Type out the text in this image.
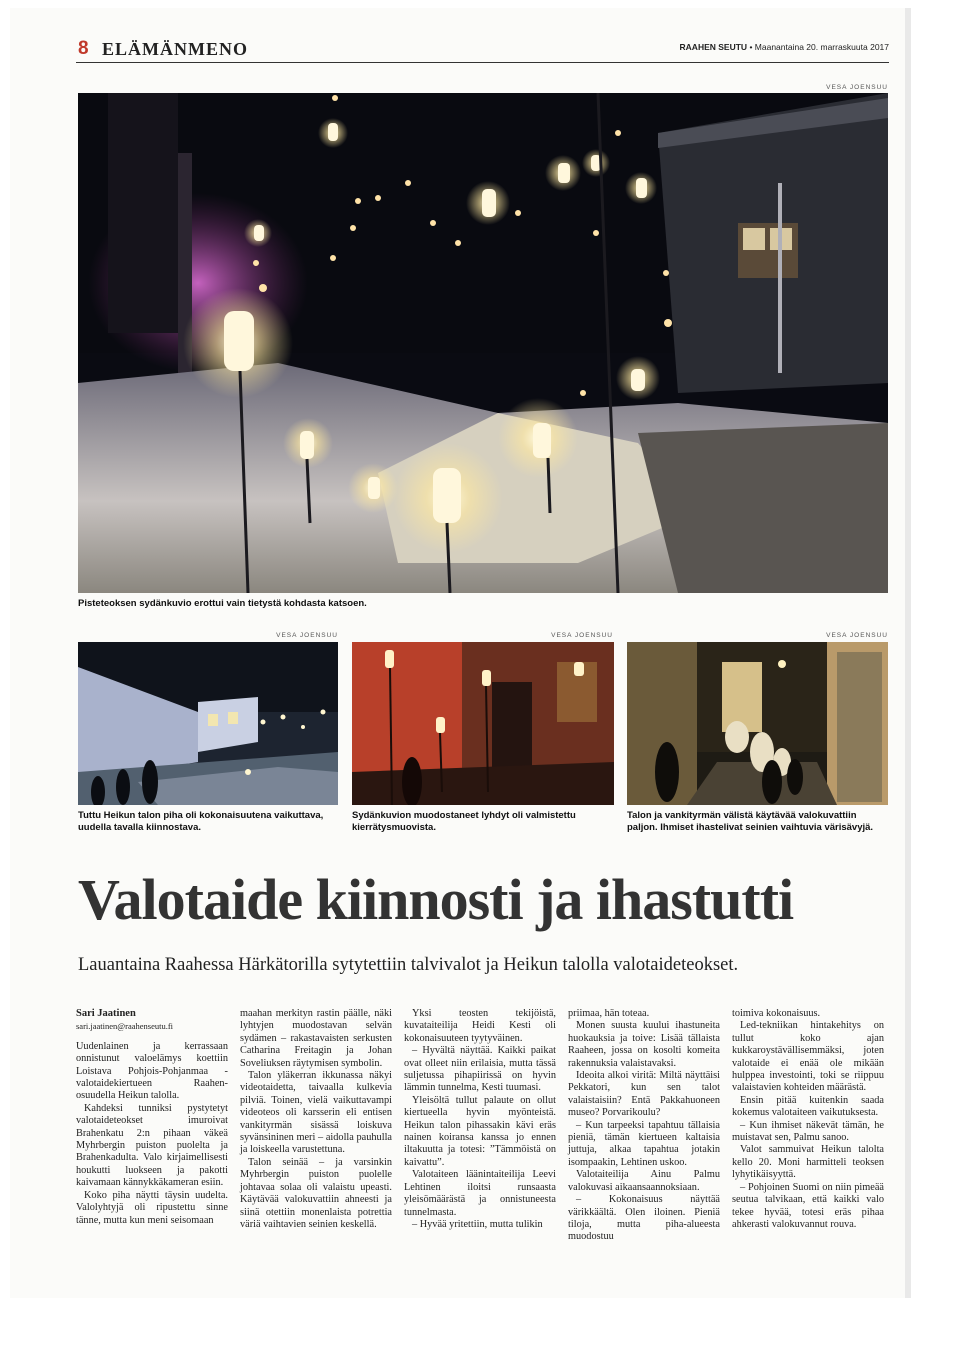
8 ELÄMÄNMENO	RAAHEN SEUTU • Maanantaina 20. marraskuuta 2017
VESA JOENSUU
Pisteteoksen sydänkuvio erottui vain tietystä kohdasta katsoen.
VESA JOENSUU
Tuttu Heikun talon piha oli kokonaisuutena vaikuttava, uudella tavalla kiinnostava.
VESA JOENSUU
Sydänkuvion muodostaneet lyhdyt oli valmistettu kierrätysmuovista.
VESA JOENSUU
Talon ja vankityrmän välistä käytävää valokuvattiin paljon. Ihmiset ihastelivat seinien vaihtuvia värisävyjä.
Valotaide kiinnosti ja ihastutti
Lauantaina Raahessa Härkätorilla sytytettiin talvivalot ja Heikun talolla valotaideteokset.
Sari Jaatinen
sari.jaatinen@raahenseutu.fi

Uudenlainen ja kerrassaan onnistunut valoelämys koettiin Loistava Pohjois-Pohjanmaa -valotaidekiertueen Raahen-osuudella Heikun talolla.

Kahdeksi tunniksi pystytetyt valotaideteokset imuroivat Brahenkatu 2:n pihaan väkeä Myhrbergin puiston puolelta ja Brahenkadulta. Valo kirjaimellisesti houkutti luokseen ja pakotti kaivamaan kännykkäkameran esiin.

Koko piha näytti täysin uudelta. Valolyhtyjä oli ripustettu sinne tänne, mutta kun meni seisomaan

maahan merkityn rastin päälle, näki lyhtyjen muodostavan selvän sydämen – rakastavaisten serkusten Catharina Freitagin ja Johan Soveliuksen räytymisen symbolin.

Talon yläkerran ikkunassa näkyi videotaidetta, taivaalla kulkevia pilviä. Toinen, vielä vaikuttavampi videoteos oli karsserin eli entisen vankityrmän sisässä loiskuva syvänsininen meri – aidolla pauhulla ja loiskeella varustettuna.

Talon seinää – ja varsinkin Myhrbergin puiston puolelle johtavaa solaa oli valaistu upeasti. Käytävää valokuvattiin ahneesti ja siinä otettiin monenlaista potrettia väriä vaihtavien seinien keskellä.

Yksi teosten tekijöistä, kuvataiteilija Heidi Kesti oli kokonaisuuteen tyytyväinen.

– Hyvältä näyttää. Kaikki paikat ovat olleet niin erilaisia, mutta tässä suljetussa pihapiirissä on hyvin lämmin tunnelma, Kesti tuumasi.

Yleisöltä tullut palaute on ollut kiertueella hyvin myönteistä. Heikun talon pihassakin kävi eräs nainen koiransa kanssa jo ennen iltakuutta ja totesi: ”Tämmöistä on kaivattu”.

Valotaiteen läänintaiteilija Leevi Lehtinen iloitsi runsaasta yleisömäärästä ja onnistuneesta tunnelmasta.

– Hyvää yritettiin, mutta tulikin

priimaa, hän toteaa.

Monen suusta kuului ihastuneita huokauksia ja toive: Lisää tällaista Raaheen, jossa on kosolti komeita rakennuksia valaistavaksi.

Ideoita alkoi viritä: Miltä näyttäisi Pekkatori, kun sen talot valaistaisiin? Entä Pakkahuoneen museo? Porvarikoulu?

– Kun tarpeeksi tapahtuu tällaisia pieniä, tämän kiertueen kaltaisia juttuja, alkaa tapahtua jotakin isompaakin, Lehtinen uskoo.

Valotaiteilija Ainu Palmu valokuvasi aikaansaannoksiaan.

– Kokonaisuus näyttää värikkäältä. Olen iloinen. Pieniä tiloja, mutta piha-alueesta muodostuu

toimiva kokonaisuus.

Led-tekniikan hintakehitys on tullut koko ajan kukkaroystävällisemmäksi, joten valotaide ei enää ole mikään hulppea investointi, toki se riippuu valaistavien kohteiden määrästä.

Ensin pitää kuitenkin saada kokemus valotaiteen vaikutuksesta.

– Kun ihmiset näkevät tämän, he muistavat sen, Palmu sanoo.

Valot sammuivat Heikun talolta kello 20. Moni harmitteli teoksen lyhytikäisyyttä.

– Pohjoinen Suomi on niin pimeää seutua talvikaan, että kaikki valo tekee hyvää, totesi eräs pihaa ahkerasti valokuvannut rouva.
